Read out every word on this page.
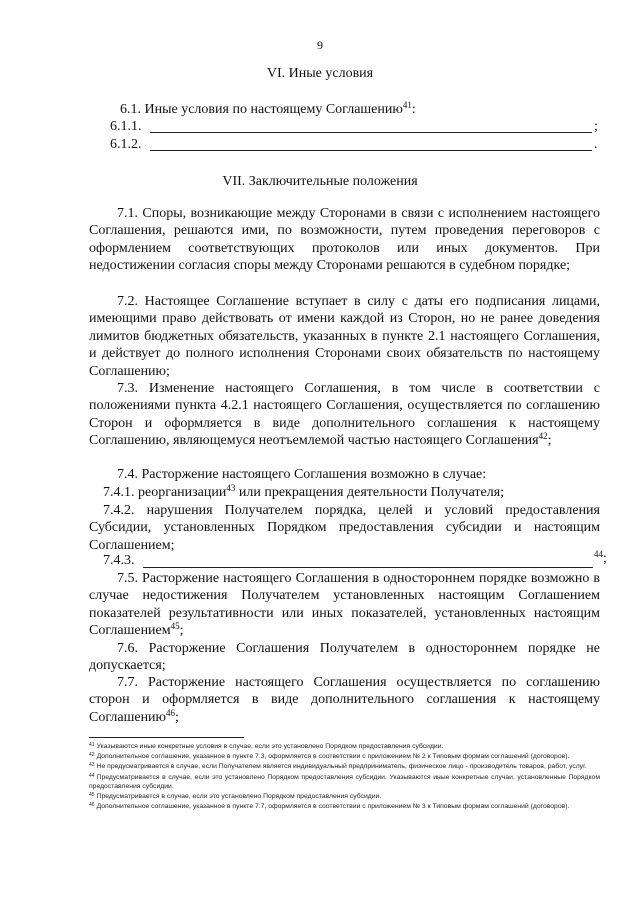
9
VI. Иные условия
6.1. Иные условия по настоящему Соглашению$^{41}$:
6.1.1.	;
6.1.2.	.
VII. Заключительные положения
7.1. Споры, возникающие между Сторонами в связи с исполнением настоящего Соглашения, решаются ими, по возможности, путем проведения переговоров с оформлением соответствующих протоколов или иных документов. При недостижении согласия споры между Сторонами решаются в судебном порядке;
7.2. Настоящее Соглашение вступает в силу с даты его подписания лицами, имеющими право действовать от имени каждой из Сторон, но не ранее доведения лимитов бюджетных обязательств, указанных в пункте 2.1 настоящего Соглашения, и действует до полного исполнения Сторонами своих обязательств по настоящему Соглашению;
7.3. Изменение настоящего Соглашения, в том числе в соответствии с положениями пункта 4.2.1 настоящего Соглашения, осуществляется по соглашению Сторон и оформляется в виде дополнительного соглашения к настоящему Соглашению, являющемуся неотъемлемой частью настоящего Соглашения$^{42}$;
7.4. Расторжение настоящего Соглашения возможно в случае:
7.4.1. реорганизации$^{43}$ или прекращения деятельности Получателя;
7.4.2. нарушения Получателем порядка, целей и условий предоставления Субсидии, установленных Порядком предоставления субсидии и настоящим Соглашением;
7.4.3.	$^{44}$;
7.5. Расторжение настоящего Соглашения в одностороннем порядке возможно в случае недостижения Получателем установленных настоящим Соглашением показателей результативности или иных показателей, установленных настоящим Соглашением$^{45}$;
7.6. Расторжение Соглашения Получателем в одностороннем порядке не допускается;
7.7. Расторжение настоящего Соглашения осуществляется по соглашению сторон и оформляется в виде дополнительного соглашения к настоящему Соглашению$^{46}$;
$^{41}$ Указываются иные конкретные условия в случае, если это установлено Порядком предоставления субсидии.
$^{42}$ Дополнительное соглашение, указанное в пункте 7.3, оформляется в соответствии с приложением № 2 к Типовым формам соглашений (договоров).
$^{43}$ Не предусматривается в случае, если Получателем является индивидуальный предприниматель, физическое лицо - производитель товаров, работ, услуг.
$^{44}$ Предусматривается в случае, если это установлено Порядком предоставления субсидии. Указываются иные конкретные случаи, установленные Порядком предоставления субсидии.
$^{45}$ Предусматривается в случае, если это установлено Порядком предоставления субсидии.
$^{46}$ Дополнительное соглашение, указанное в пункте 7.7, оформляется в соответствии с приложением № 3 к Типовым формам соглашений (договоров).
